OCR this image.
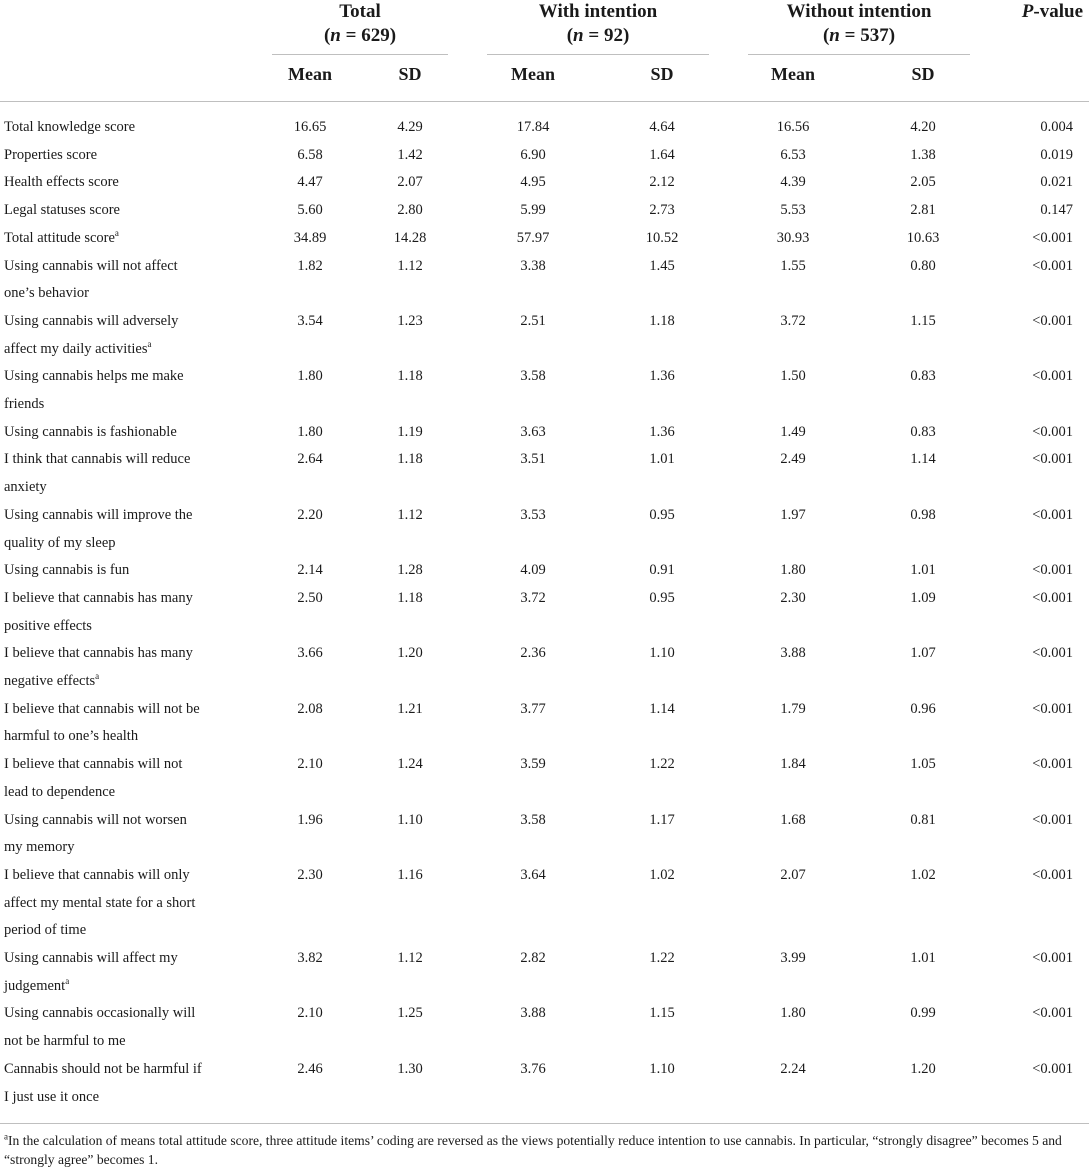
Total
(n = 629)
With intention
(n = 92)
Without intention
(n = 537)
P-value
Mean	SD	Mean	SD	Mean	SD
Total knowledge score	16.65	4.29	17.84	4.64	16.56	4.20	0.004
Properties score	6.58	1.42	6.90	1.64	6.53	1.38	0.019
Health effects score	4.47	2.07	4.95	2.12	4.39	2.05	0.021
Legal statuses score	5.60	2.80	5.99	2.73	5.53	2.81	0.147
Total attitude score$^a$	34.89	14.28	57.97	10.52	30.93	10.63	<0.001
Using cannabis will not affect
one’s behavior
1.82	1.12	3.38	1.45	1.55	0.80	<0.001
Using cannabis will adversely
affect my daily activities$^a$
3.54	1.23	2.51	1.18	3.72	1.15	<0.001
Using cannabis helps me make
friends
1.80	1.18	3.58	1.36	1.50	0.83	<0.001
Using cannabis is fashionable	1.80	1.19	3.63	1.36	1.49	0.83	<0.001
I think that cannabis will reduce
anxiety
2.64	1.18	3.51	1.01	2.49	1.14	<0.001
Using cannabis will improve the
quality of my sleep
2.20	1.12	3.53	0.95	1.97	0.98	<0.001
Using cannabis is fun	2.14	1.28	4.09	0.91	1.80	1.01	<0.001
I believe that cannabis has many
positive effects
2.50	1.18	3.72	0.95	2.30	1.09	<0.001
I believe that cannabis has many
negative effects$^a$
3.66	1.20	2.36	1.10	3.88	1.07	<0.001
I believe that cannabis will not be
harmful to one’s health
2.08	1.21	3.77	1.14	1.79	0.96	<0.001
I believe that cannabis will not
lead to dependence
2.10	1.24	3.59	1.22	1.84	1.05	<0.001
Using cannabis will not worsen
my memory
1.96	1.10	3.58	1.17	1.68	0.81	<0.001
I believe that cannabis will only
affect my mental state for a short
period of time
2.30	1.16	3.64	1.02	2.07	1.02	<0.001
Using cannabis will affect my
judgement$^a$
3.82	1.12	2.82	1.22	3.99	1.01	<0.001
Using cannabis occasionally will
not be harmful to me
2.10	1.25	3.88	1.15	1.80	0.99	<0.001
Cannabis should not be harmful if
I just use it once
2.46	1.30	3.76	1.10	2.24	1.20	<0.001
$^a$In the calculation of means total attitude score, three attitude items’ coding are reversed as the views potentially reduce intention to use cannabis. In particular, “strongly disagree” becomes 5 and “strongly agree” becomes 1.
